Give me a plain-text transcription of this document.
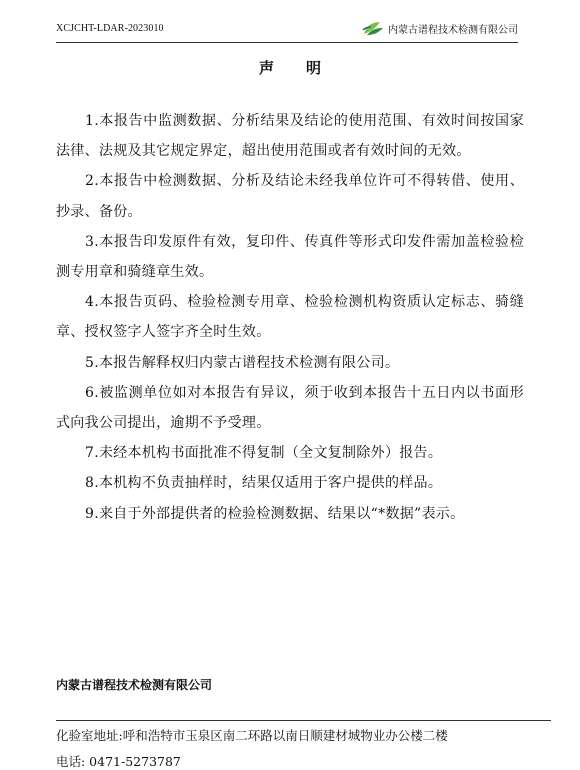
XCJCHT-LDAR-2023010	内蒙古谱程技术检测有限公司
声 明

1.本报告中监测数据、分析结果及结论的使用范围、有效时间按国家法律、法规及其它规定界定，超出使用范围或者有效时间的无效。

2.本报告中检测数据、分析及结论未经我单位许可不得转借、使用、抄录、备份。

3.本报告印发原件有效，复印件、传真件等形式印发件需加盖检验检测专用章和骑缝章生效。

4.本报告页码、检验检测专用章、检验检测机构资质认定标志、骑缝章、授权签字人签字齐全时生效。

5.本报告解释权归内蒙古谱程技术检测有限公司。

6.被监测单位如对本报告有异议，须于收到本报告十五日内以书面形式向我公司提出，逾期不予受理。

7.未经本机构书面批准不得复制（全文复制除外）报告。

8.本机构不负责抽样时，结果仅适用于客户提供的样品。

9.来自于外部提供者的检验检测数据、结果以“*数据”表示。

内蒙古谱程技术检测有限公司
化验室地址:呼和浩特市玉泉区南二环路以南日顺建材城物业办公楼二楼
电话: 0471-5273787
